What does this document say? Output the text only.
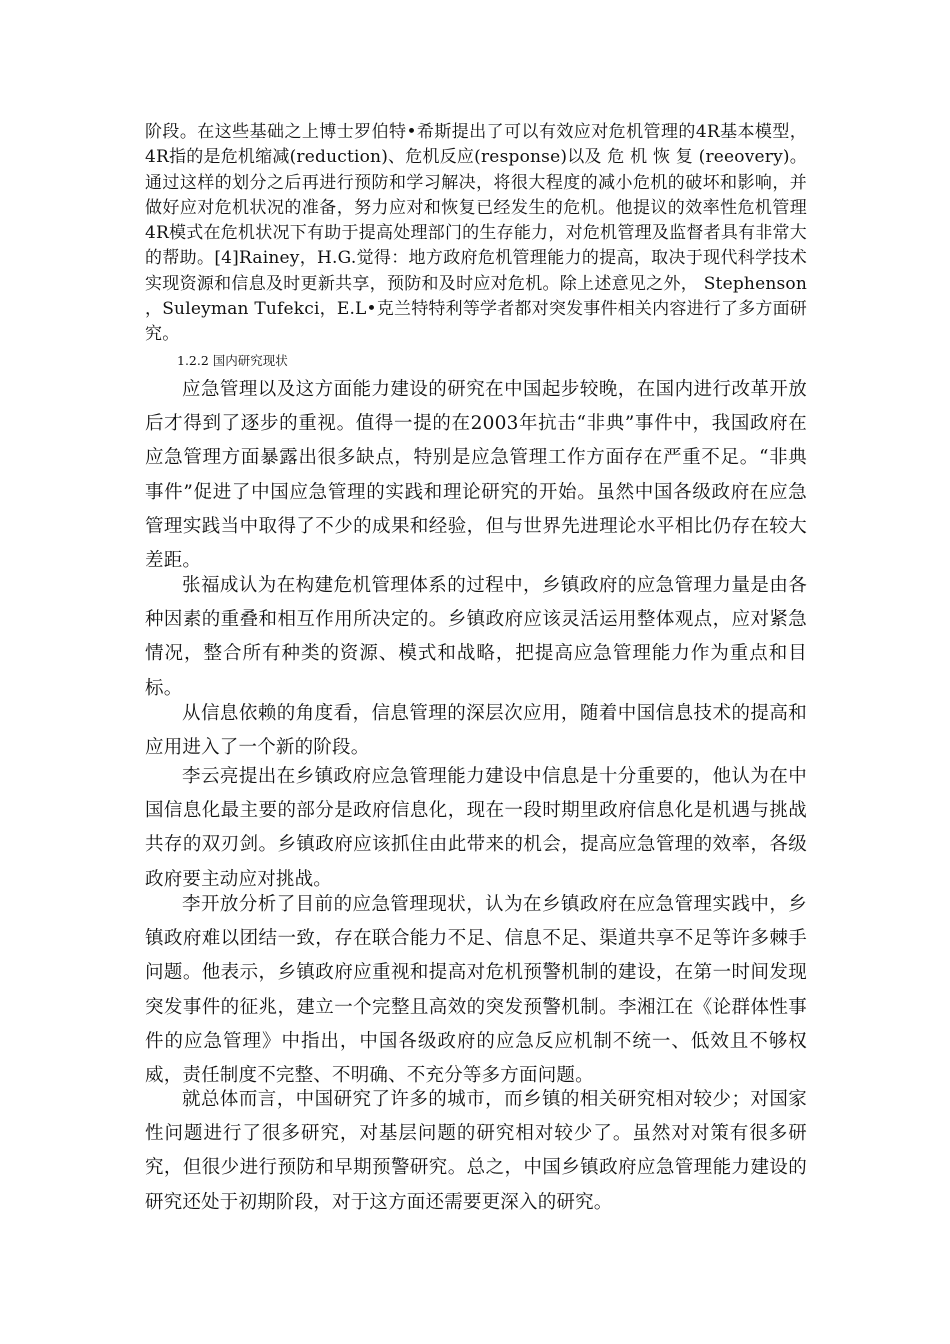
阶段。在这些基础之上博士罗伯特•希斯提出了可以有效应对危机管理的4R基本模型，4R指的是危机缩减(reduction)、危机反应(response)以及 危 机 恢 复 (reeovery)。通过这样的划分之后再进行预防和学习解决，将很大程度的减小危机的破坏和影响，并做好应对危机状况的准备，努力应对和恢复已经发生的危机。他提议的效率性危机管理4R模式在危机状况下有助于提高处理部门的生存能力，对危机管理及监督者具有非常大的帮助。[4]Rainey，H.G.觉得：地方政府危机管理能力的提高，取决于现代科学技术实现资源和信息及时更新共享，预防和及时应对危机。除上述意见之外， Stephenson ，Suleyman Tufekci，E.L•克兰特特利等学者都对突发事件相关内容进行了多方面研究。

1.2.2 国内研究现状

应急管理以及这方面能力建设的研究在中国起步较晚，在国内进行改革开放后才得到了逐步的重视。值得一提的在2003年抗击“非典”事件中，我国政府在应急管理方面暴露出很多缺点，特别是应急管理工作方面存在严重不足。“非典事件”促进了中国应急管理的实践和理论研究的开始。虽然中国各级政府在应急管理实践当中取得了不少的成果和经验，但与世界先进理论水平相比仍存在较大差距。

张福成认为在构建危机管理体系的过程中，乡镇政府的应急管理力量是由各种因素的重叠和相互作用所决定的。乡镇政府应该灵活运用整体观点，应对紧急情况，整合所有种类的资源、模式和战略，把提高应急管理能力作为重点和目标。

从信息依赖的角度看，信息管理的深层次应用，随着中国信息技术的提高和应用进入了一个新的阶段。

李云亮提出在乡镇政府应急管理能力建设中信息是十分重要的，他认为在中国信息化最主要的部分是政府信息化，现在一段时期里政府信息化是机遇与挑战共存的双刃剑。乡镇政府应该抓住由此带来的机会，提高应急管理的效率，各级政府要主动应对挑战。

李开放分析了目前的应急管理现状，认为在乡镇政府在应急管理实践中，乡镇政府难以团结一致，存在联合能力不足、信息不足、渠道共享不足等许多棘手问题。他表示，乡镇政府应重视和提高对危机预警机制的建设，在第一时间发现突发事件的征兆，建立一个完整且高效的突发预警机制。李湘江在《论群体性事件的应急管理》中指出，中国各级政府的应急反应机制不统一、低效且不够权威，责任制度不完整、不明确、不充分等多方面问题。

就总体而言，中国研究了许多的城市，而乡镇的相关研究相对较少；对国家性问题进行了很多研究，对基层问题的研究相对较少了。虽然对对策有很多研究，但很少进行预防和早期预警研究。总之，中国乡镇政府应急管理能力建设的研究还处于初期阶段，对于这方面还需要更深入的研究。
